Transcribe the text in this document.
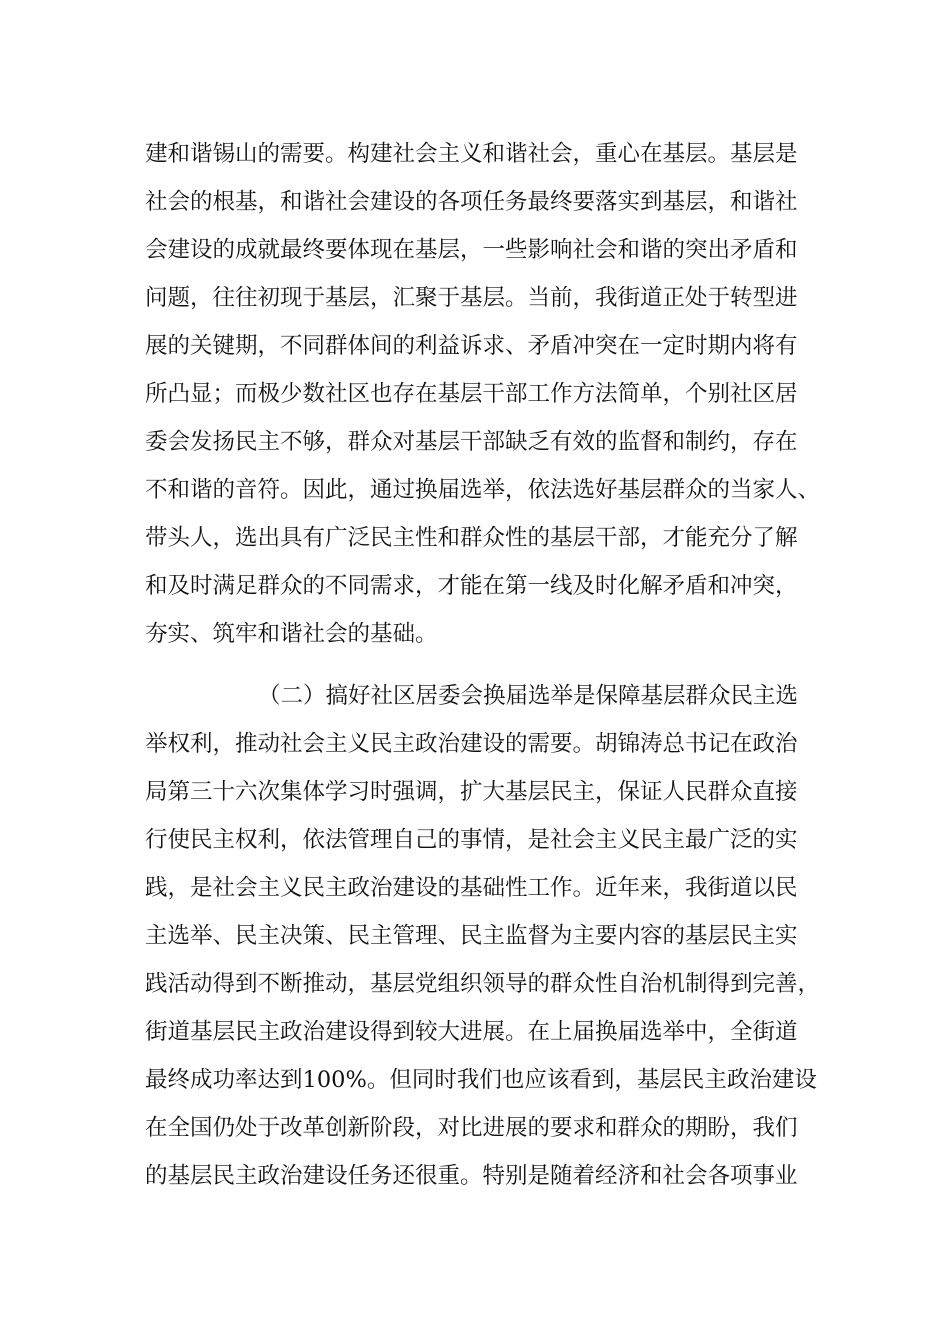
建和谐锡山的需要。构建社会主义和谐社会，重心在基层。基层是
社会的根基，和谐社会建设的各项任务最终要落实到基层，和谐社
会建设的成就最终要体现在基层，一些影响社会和谐的突出矛盾和
问题，往往初现于基层，汇聚于基层。当前，我街道正处于转型进
展的关键期，不同群体间的利益诉求、矛盾冲突在一定时期内将有
所凸显；而极少数社区也存在基层干部工作方法简单，个别社区居
委会发扬民主不够，群众对基层干部缺乏有效的监督和制约，存在
不和谐的音符。因此，通过换届选举，依法选好基层群众的当家人、
带头人，选出具有广泛民主性和群众性的基层干部，才能充分了解
和及时满足群众的不同需求，才能在第一线及时化解矛盾和冲突，
夯实、筑牢和谐社会的基础。
（二）搞好社区居委会换届选举是保障基层群众民主选
举权利，推动社会主义民主政治建设的需要。胡锦涛总书记在政治
局第三十六次集体学习时强调，扩大基层民主，保证人民群众直接
行使民主权利，依法管理自己的事情，是社会主义民主最广泛的实
践，是社会主义民主政治建设的基础性工作。近年来，我街道以民
主选举、民主决策、民主管理、民主监督为主要内容的基层民主实
践活动得到不断推动，基层党组织领导的群众性自治机制得到完善，
街道基层民主政治建设得到较大进展。在上届换届选举中，全街道
最终成功率达到100%。但同时我们也应该看到，基层民主政治建设
在全国仍处于改革创新阶段，对比进展的要求和群众的期盼，我们
的基层民主政治建设任务还很重。特别是随着经济和社会各项事业
